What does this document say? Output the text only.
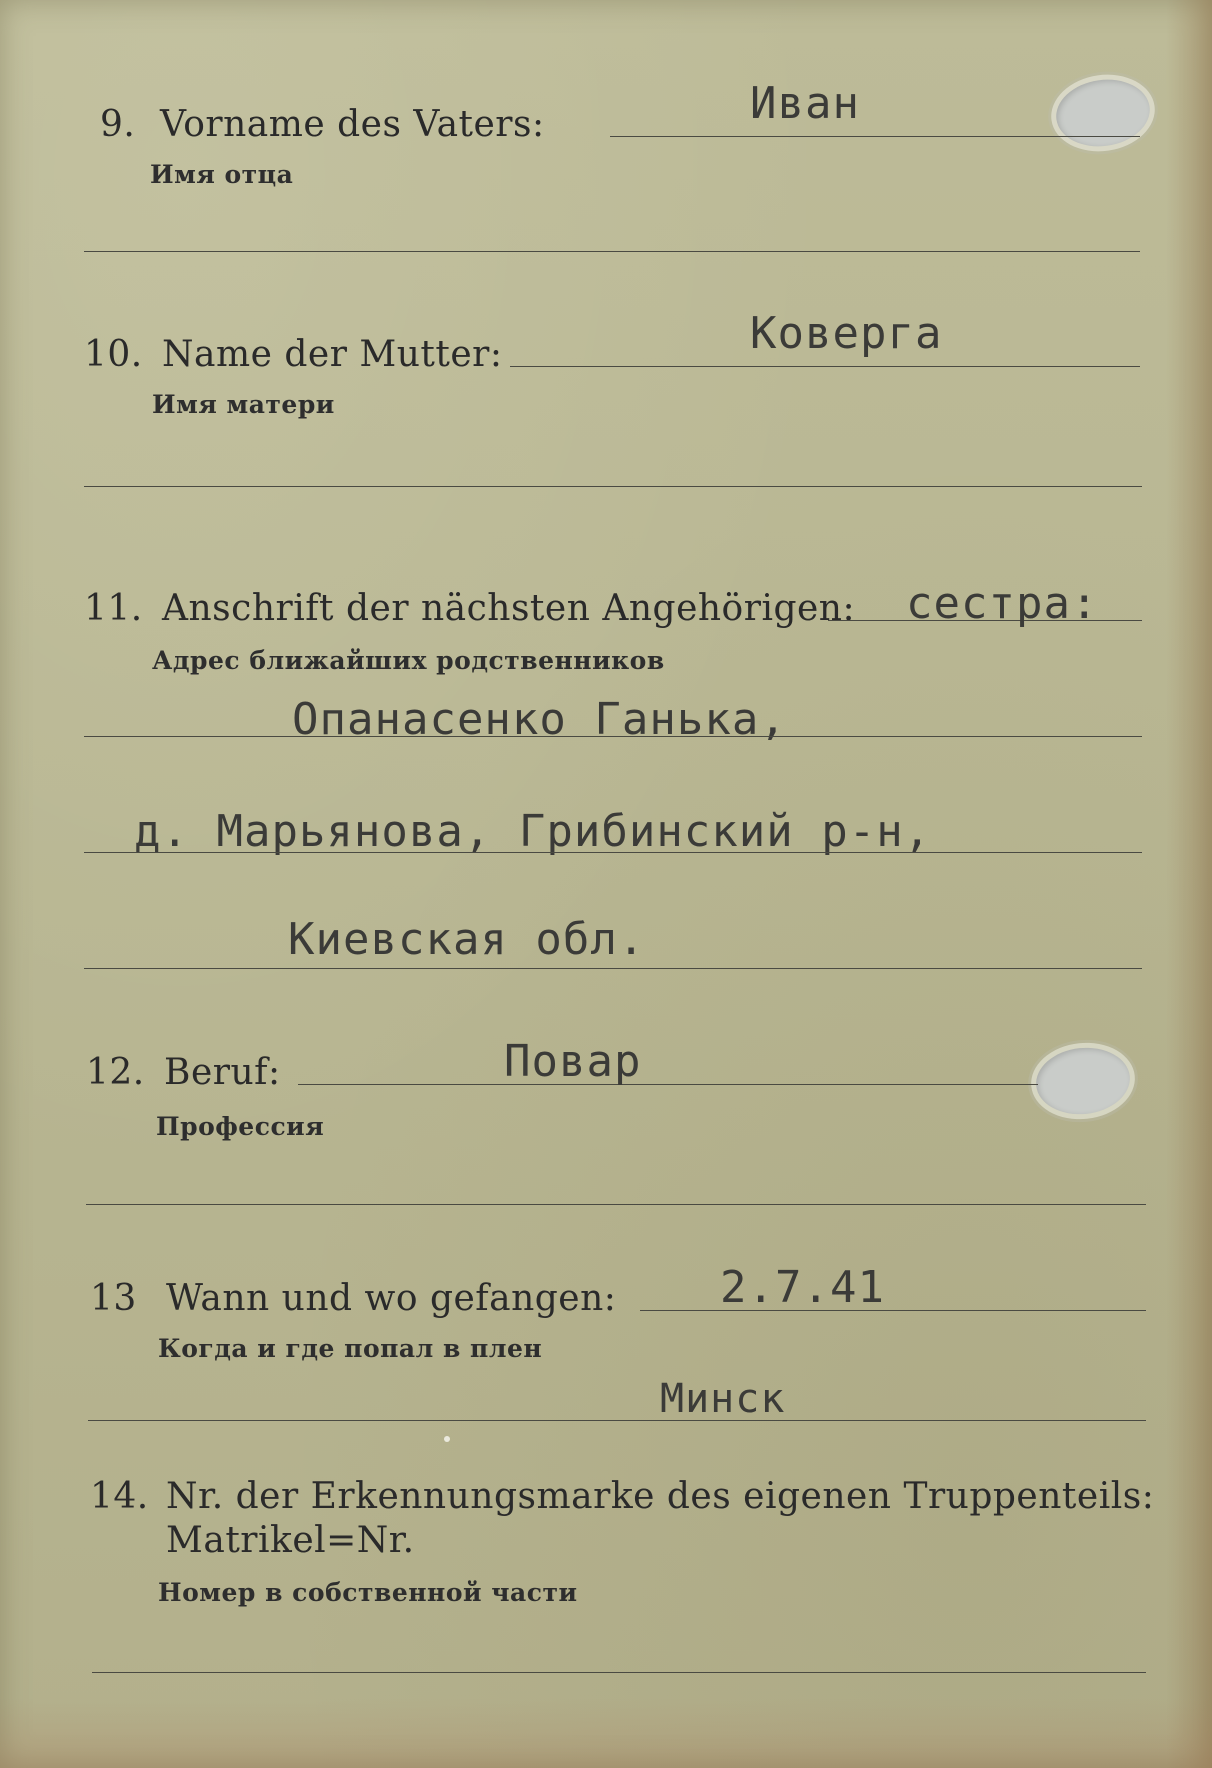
9. Vorname des Vaters:	Иван
Имя отца
10. Name der Mutter:	Коверга
Имя матери
11. Anschrift der nächsten Angehörigen: сестра:
Адрес ближайших родственников
Опанасенко Ганька,
д. Марьянова, Грибинский р-н,
Киевская обл.
12. Beruf:	Повар
Профессия
13 Wann und wo gefangen: 2.7.41
Когда и где попал в плен
Минск
14. Nr. der Erkennungsmarke des eigenen Truppenteils:
Matrikel=Nr.
Номер в собственной части
